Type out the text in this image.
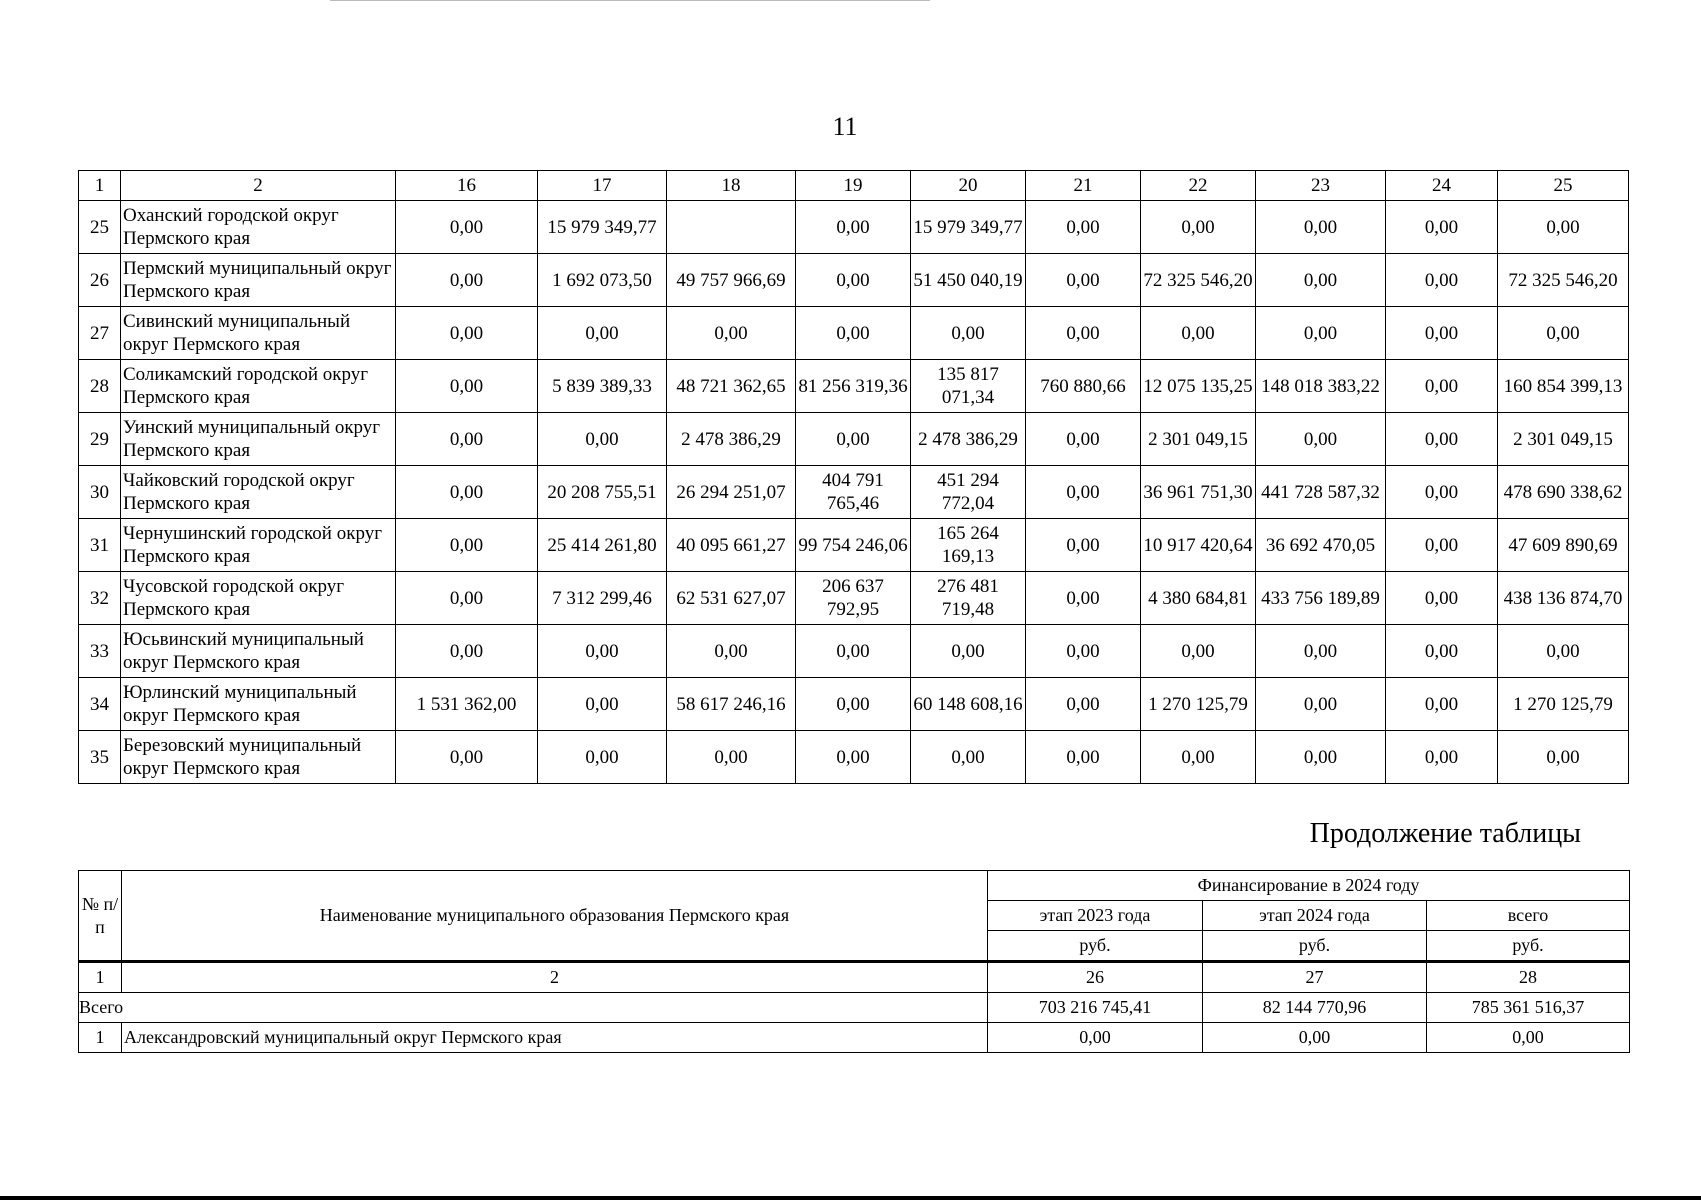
11
1	2	16	17	18	19	20	21	22	23	24	25
25	Оханский городской округ Пермского края	0,00	15 979 349,77		0,00	15 979 349,77	0,00	0,00	0,00	0,00	0,00
26	Пермский муниципальный округ Пермского края	0,00	1 692 073,50	49 757 966,69	0,00	51 450 040,19	0,00	72 325 546,20	0,00	0,00	72 325 546,20
27	Сивинский муниципальный округ Пермского края	0,00	0,00	0,00	0,00	0,00	0,00	0,00	0,00	0,00	0,00
28	Соликамский городской округ Пермского края	0,00	5 839 389,33	48 721 362,65	81 256 319,36	135 817 071,34	760 880,66	12 075 135,25	148 018 383,22	0,00	160 854 399,13
29	Уинский муниципальный округ Пермского края	0,00	0,00	2 478 386,29	0,00	2 478 386,29	0,00	2 301 049,15	0,00	0,00	2 301 049,15
30	Чайковский городской округ Пермского края	0,00	20 208 755,51	26 294 251,07	404 791 765,46	451 294 772,04	0,00	36 961 751,30	441 728 587,32	0,00	478 690 338,62
31	Чернушинский городской округ Пермского края	0,00	25 414 261,80	40 095 661,27	99 754 246,06	165 264 169,13	0,00	10 917 420,64	36 692 470,05	0,00	47 609 890,69
32	Чусовской городской округ Пермского края	0,00	7 312 299,46	62 531 627,07	206 637 792,95	276 481 719,48	0,00	4 380 684,81	433 756 189,89	0,00	438 136 874,70
33	Юсьвинский муниципальный округ Пермского края	0,00	0,00	0,00	0,00	0,00	0,00	0,00	0,00	0,00	0,00
34	Юрлинский муниципальный округ Пермского края	1 531 362,00	0,00	58 617 246,16	0,00	60 148 608,16	0,00	1 270 125,79	0,00	0,00	1 270 125,79
35	Березовский муниципальный округ Пермского края	0,00	0,00	0,00	0,00	0,00	0,00	0,00	0,00	0,00	0,00
Продолжение таблицы
№ п/п	Наименование муниципального образования Пермского края	Финансирование в 2024 году		
		этап 2023 года	этап 2024 года	всего
		руб.	руб.	руб.
1	2	26	27	28
Всего		703 216 745,41	82 144 770,96	785 361 516,37
1	Александровский муниципальный округ Пермского края	0,00	0,00	0,00
